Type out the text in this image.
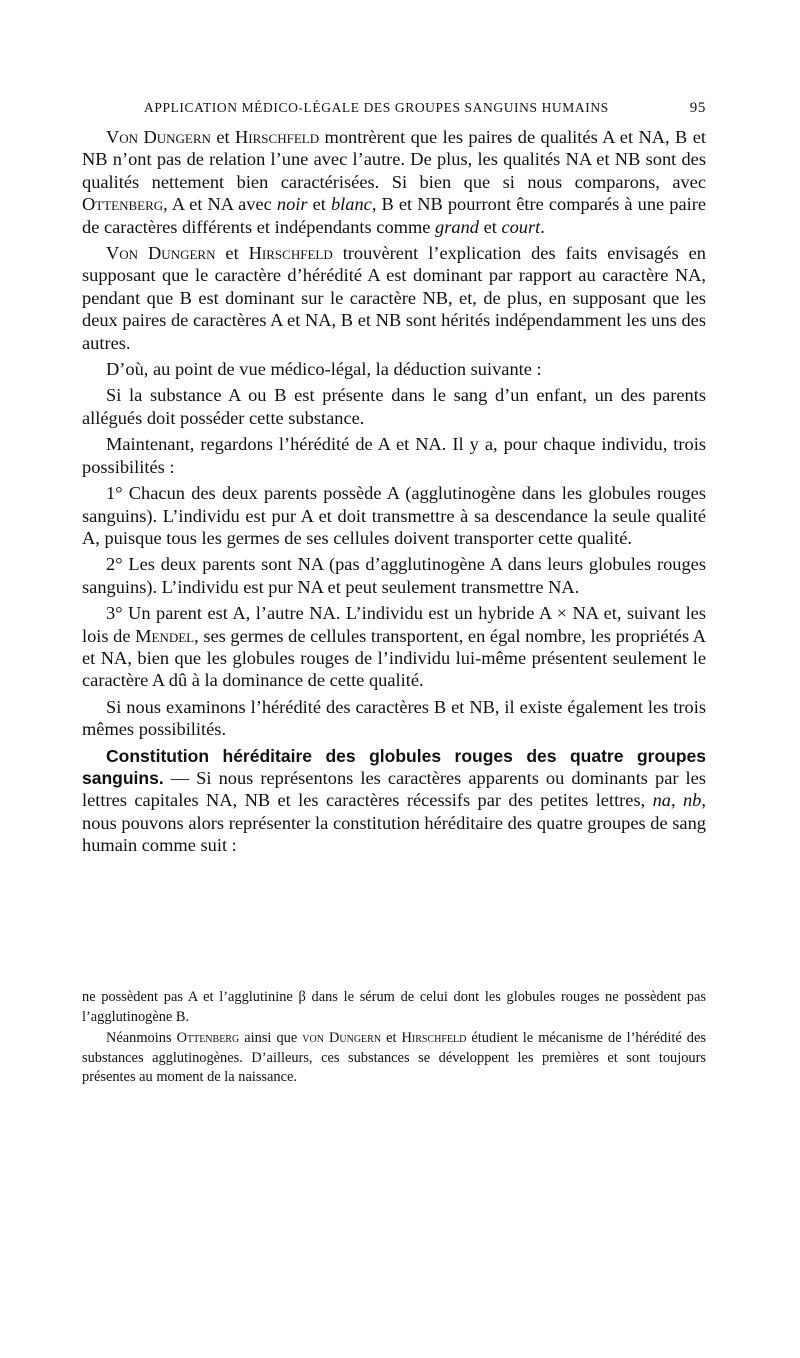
APPLICATION MÉDICO-LÉGALE DES GROUPES SANGUINS HUMAINS	95

Von Dungern et Hirschfeld montrèrent que les paires de qualités A et NA, B et NB n’ont pas de relation l’une avec l’autre. De plus, les qualités NA et NB sont des qualités nettement bien caractérisées. Si bien que si nous comparons, avec Ottenberg, A et NA avec noir et blanc, B et NB pourront être comparés à une paire de caractères différents et indépendants comme grand et court.

Von Dungern et Hirschfeld trouvèrent l’explication des faits envisagés en supposant que le caractère d’hérédité A est dominant par rapport au caractère NA, pendant que B est dominant sur le caractère NB, et, de plus, en supposant que les deux paires de caractères A et NA, B et NB sont hérités indépendamment les uns des autres.

D’où, au point de vue médico-légal, la déduction suivante :

Si la substance A ou B est présente dans le sang d’un enfant, un des parents allégués doit posséder cette substance.

Maintenant, regardons l’hérédité de A et NA. Il y a, pour chaque individu, trois possibilités :

1° Chacun des deux parents possède A (agglutinogène dans les globules rouges sanguins). L’individu est pur A et doit transmettre à sa descendance la seule qualité A, puisque tous les germes de ses cellules doivent transporter cette qualité.

2° Les deux parents sont NA (pas d’agglutinogène A dans leurs globules rouges sanguins). L’individu est pur NA et peut seulement transmettre NA.

3° Un parent est A, l’autre NA. L’individu est un hybride A × NA et, suivant les lois de Mendel, ses germes de cellules transportent, en égal nombre, les propriétés A et NA, bien que les globules rouges de l’individu lui-même présentent seulement le caractère A dû à la dominance de cette qualité.

Si nous examinons l’hérédité des caractères B et NB, il existe également les trois mêmes possibilités.

Constitution héréditaire des globules rouges des quatre groupes sanguins. — Si nous représentons les caractères apparents ou dominants par les lettres capitales NA, NB et les caractères récessifs par des petites lettres, na, nb, nous pouvons alors représenter la constitution héréditaire des quatre groupes de sang humain comme suit :

ne possèdent pas A et l’agglutinine β dans le sérum de celui dont les globules rouges ne possèdent pas l’agglutinogène B.

Néanmoins Ottenberg ainsi que von Dungern et Hirschfeld étudient le mécanisme de l’hérédité des substances agglutinogènes. D’ailleurs, ces substances se développent les premières et sont toujours présentes au moment de la naissance.
